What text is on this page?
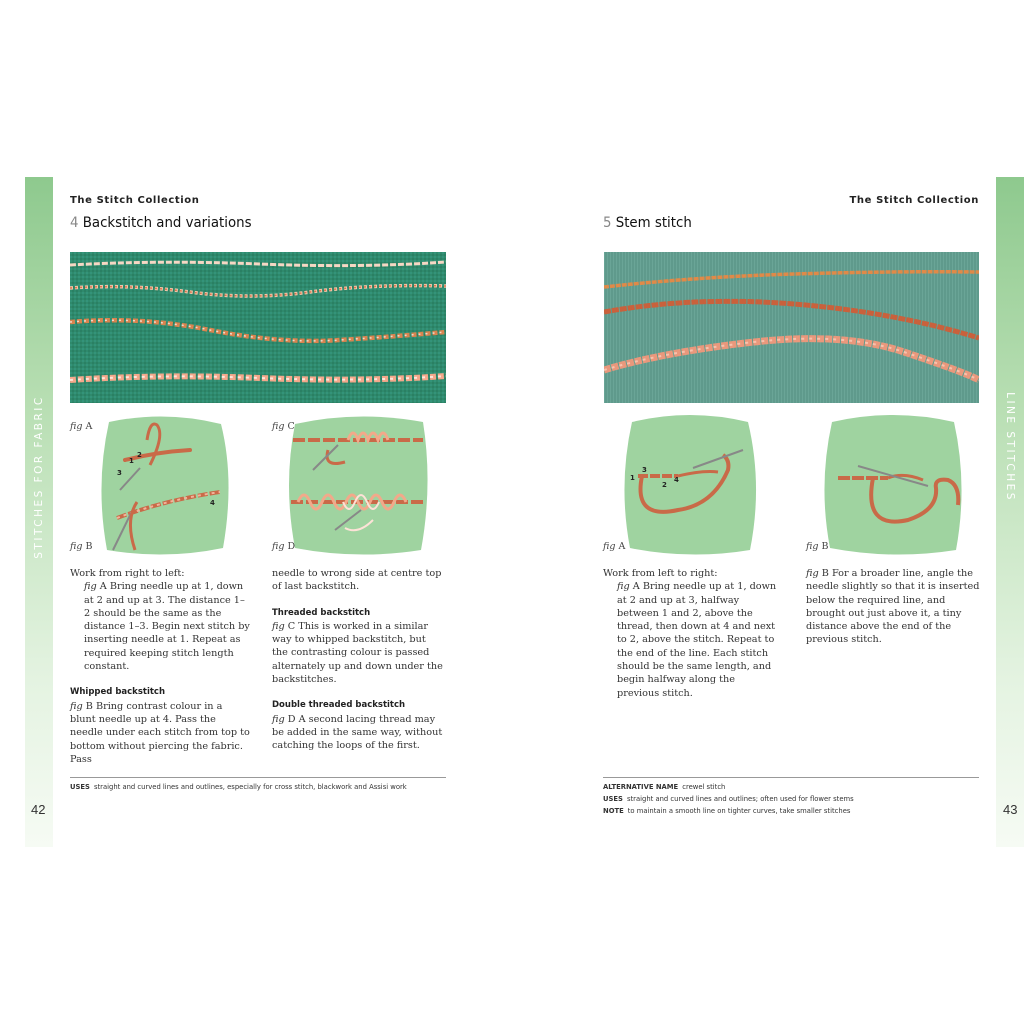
STITCHES FOR FABRIC	LINE STITCHES
The Stitch Collection
4 Backstitch and variations
fig A
fig B
1
2
3
4
fig C
fig D

Work from right to left:

fig A Bring needle up at 1, down at 2 and up at 3. The distance 1–2 should be the same as the distance 1–3. Begin next stitch by inserting needle at 1. Repeat as required keeping stitch length constant.

Whipped backstitch

fig B Bring contrast colour in a blunt needle up at 4. Pass the needle under each stitch from top to bottom without piercing the fabric. Pass

needle to wrong side at centre top of last backstitch.

Threaded backstitch

fig C This is worked in a similar way to whipped backstitch, but the contrasting colour is passed alternately up and down under the backstitches.

Double threaded backstitch

fig D A second lacing thread may be added in the same way, without catching the loops of the first.

USES straight and curved lines and outlines, especially for cross stitch, blackwork and Assisi work
42
The Stitch Collection
5 Stem stitch
fig A	fig B
1
2
3
4

Work from left to right:

fig A Bring needle up at 1, down at 2 and up at 3, halfway between 1 and 2, above the thread, then down at 4 and next to 2, above the stitch. Repeat to the end of the line. Each stitch should be the same length, and begin halfway along the previous stitch.

fig B For a broader line, angle the needle slightly so that it is inserted below the required line, and brought out just above it, a tiny distance above the end of the previous stitch.

ALTERNATIVE NAME crewel stitch
USES straight and curved lines and outlines; often used for flower stems
NOTE to maintain a smooth line on tighter curves, take smaller stitches	43
